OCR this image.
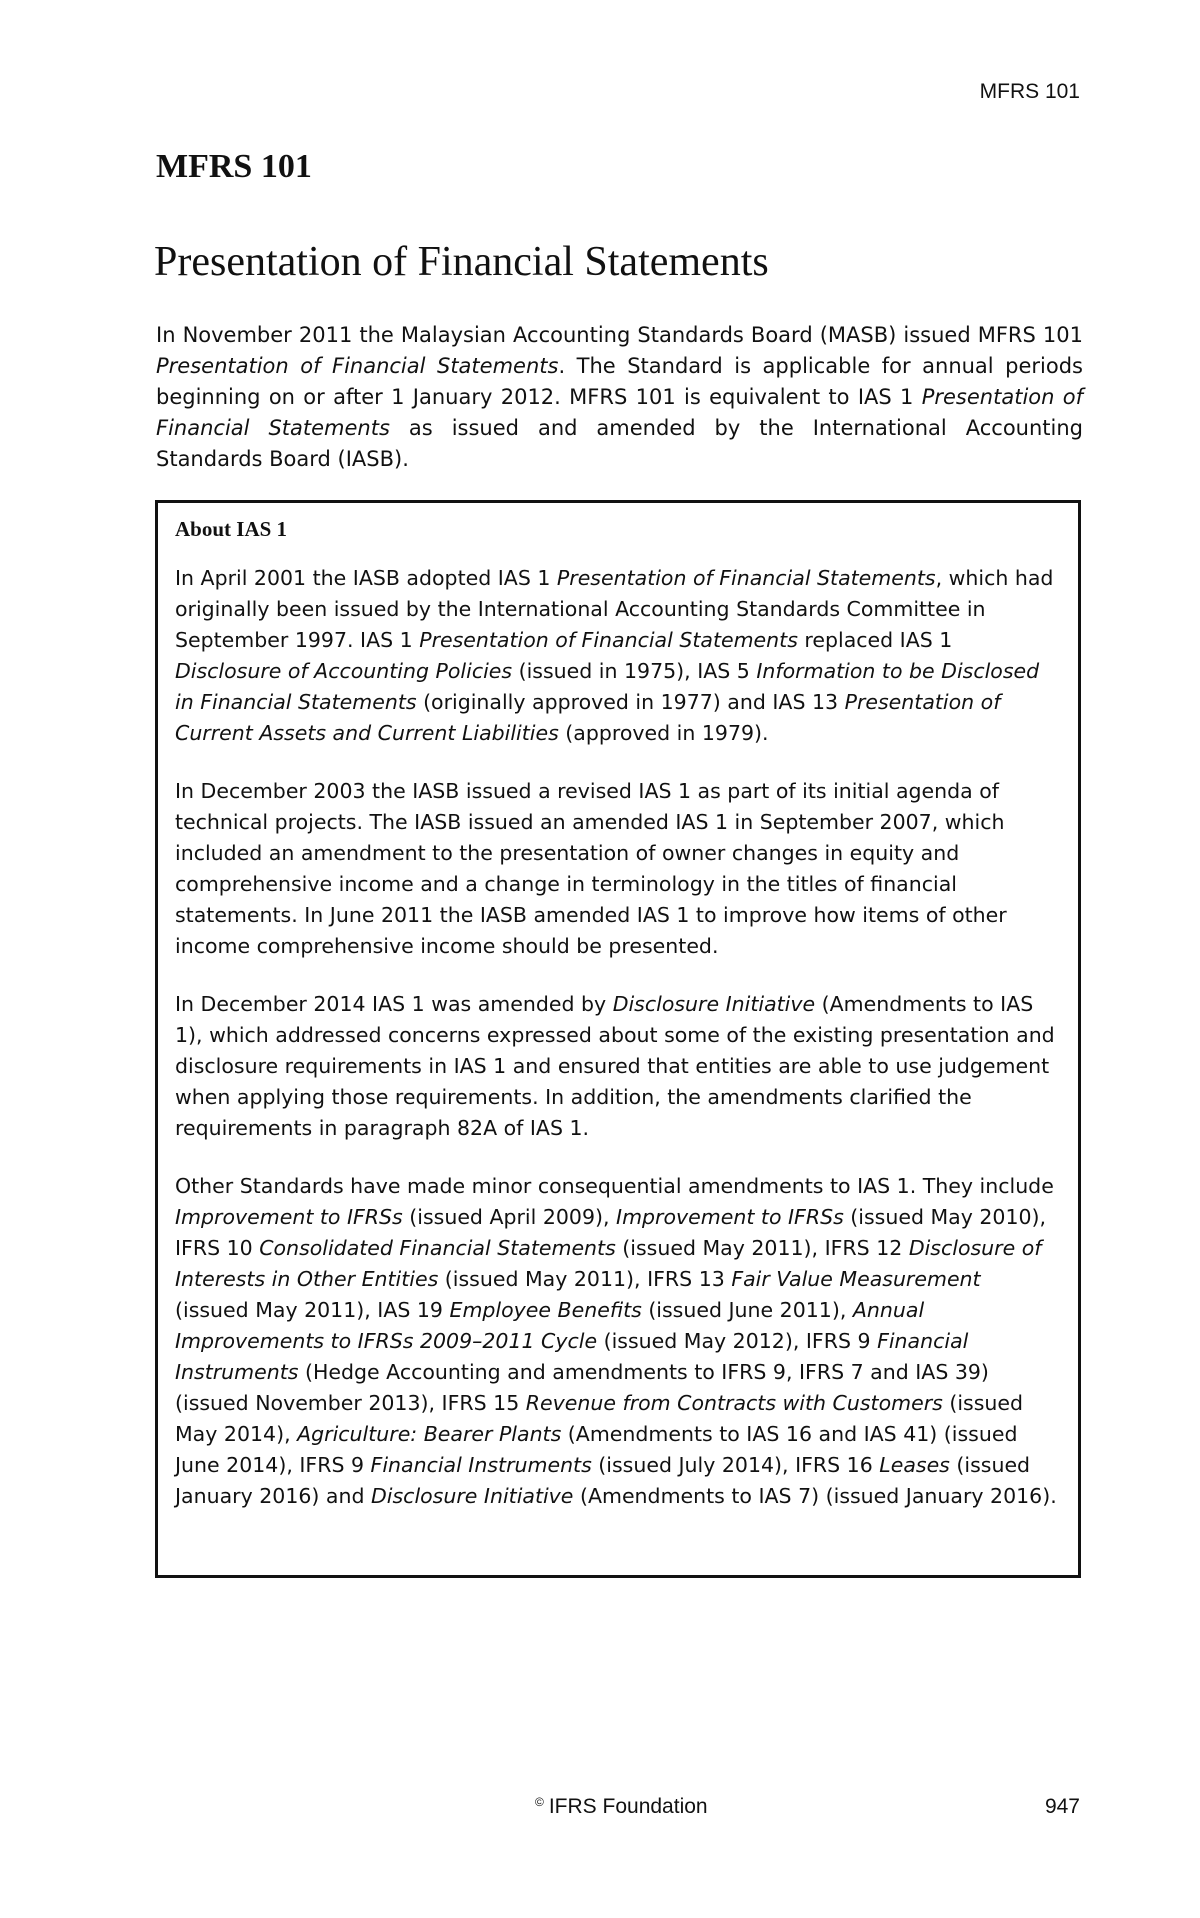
MFRS 101
MFRS 101
Presentation of Financial Statements

In November 2011 the Malaysian Accounting Standards Board (MASB) issued MFRS 101 Presentation of Financial Statements. The Standard is applicable for annual periods beginning on or after 1 January 2012. MFRS 101 is equivalent to IAS 1 Presentation of Financial Statements as issued and amended by the International Accounting Standards Board (IASB).

About IAS 1

In April 2001 the IASB adopted IAS 1 Presentation of Financial Statements, which had originally been issued by the International Accounting Standards Committee in September 1997. IAS 1 Presentation of Financial Statements replaced IAS 1 Disclosure of Accounting Policies (issued in 1975), IAS 5 Information to be Disclosed in Financial Statements (originally approved in 1977) and IAS 13 Presentation of Current Assets and Current Liabilities (approved in 1979).

In December 2003 the IASB issued a revised IAS 1 as part of its initial agenda of technical projects. The IASB issued an amended IAS 1 in September 2007, which included an amendment to the presentation of owner changes in equity and comprehensive income and a change in terminology in the titles of financial statements. In June 2011 the IASB amended IAS 1 to improve how items of other income comprehensive income should be presented.

In December 2014 IAS 1 was amended by Disclosure Initiative (Amendments to IAS 1), which addressed concerns expressed about some of the existing presentation and disclosure requirements in IAS 1 and ensured that entities are able to use judgement when applying those requirements. In addition, the amendments clarified the requirements in paragraph 82A of IAS 1.

Other Standards have made minor consequential amendments to IAS 1. They include Improvement to IFRSs (issued April 2009), Improvement to IFRSs (issued May 2010), IFRS 10 Consolidated Financial Statements (issued May 2011), IFRS 12 Disclosure of Interests in Other Entities (issued May 2011), IFRS 13 Fair Value Measurement (issued May 2011), IAS 19 Employee Benefits (issued June 2011), Annual Improvements to IFRSs 2009–2011 Cycle (issued May 2012), IFRS 9 Financial Instruments (Hedge Accounting and amendments to IFRS 9, IFRS 7 and IAS 39) (issued November 2013), IFRS 15 Revenue from Contracts with Customers (issued May 2014), Agriculture: Bearer Plants (Amendments to IAS 16 and IAS 41) (issued June 2014), IFRS 9 Financial Instruments (issued July 2014), IFRS 16 Leases (issued January 2016) and Disclosure Initiative (Amendments to IAS 7) (issued January 2016).

© IFRS Foundation	947
